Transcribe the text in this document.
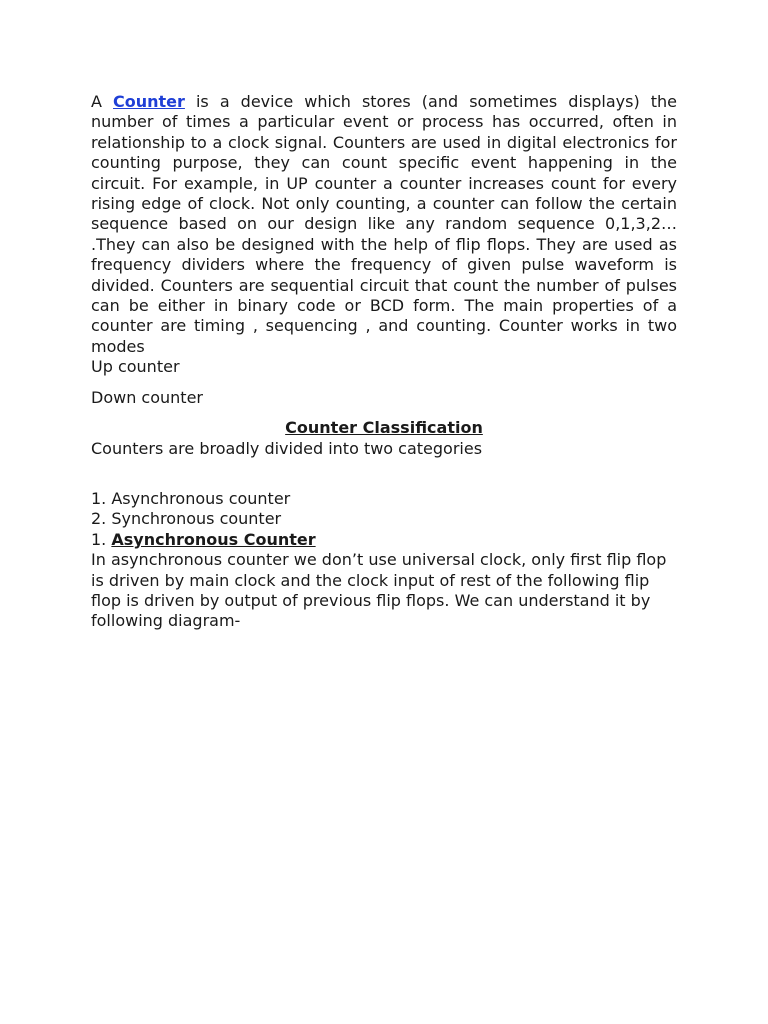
A Counter is a device which stores (and sometimes displays) the number of times a particular event or process has occurred, often in relationship to a clock signal. Counters are used in digital electronics for counting purpose, they can count specific event happening in the circuit. For example, in UP counter a counter increases count for every rising edge of clock. Not only counting, a counter can follow the certain sequence based on our design like any random sequence 0,1,3,2… .They can also be designed with the help of flip flops. They are used as frequency dividers where the frequency of given pulse waveform is divided. Counters are sequential circuit that count the number of pulses can be either in binary code or BCD form. The main properties of a counter are timing , sequencing , and counting. Counter works in two modes

Up counter
Down counter

Counter Classification

Counters are broadly divided into two categories
1. Asynchronous counter
2. Synchronous counter
1. Asynchronous Counter

In asynchronous counter we don’t use universal clock, only first flip flop is driven by main clock and the clock input of rest of the following flip flop is driven by output of previous flip flops. We can understand it by following diagram-
